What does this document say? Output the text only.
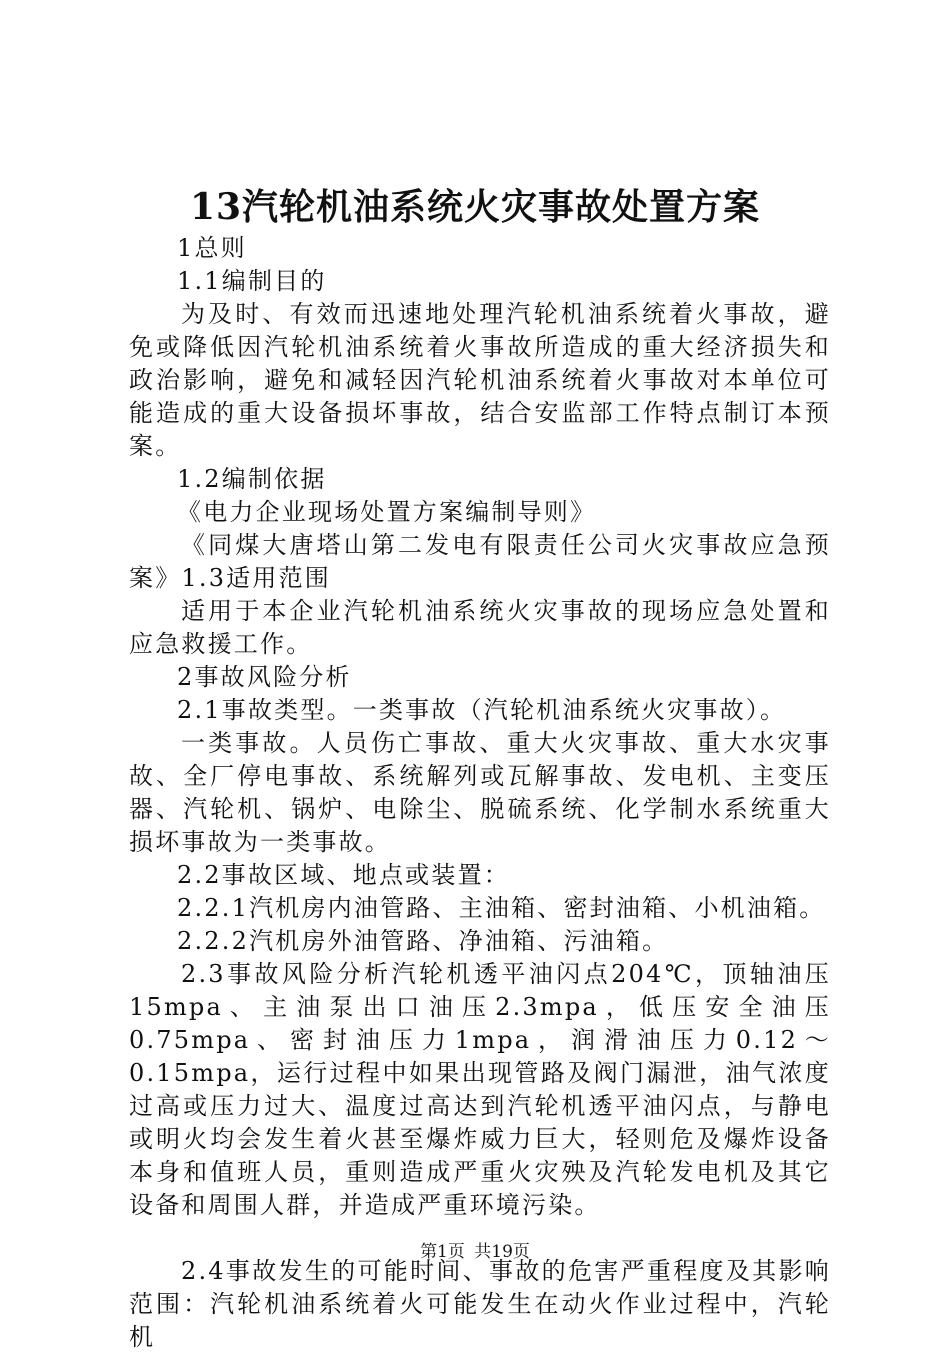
13汽轮机油系统火灾事故处置方案

1总则

1.1编制目的

为及时、有效而迅速地处理汽轮机油系统着火事故，避免或降低因汽轮机油系统着火事故所造成的重大经济损失和政治影响，避免和减轻因汽轮机油系统着火事故对本单位可能造成的重大设备损坏事故，结合安监部工作特点制订本预案。

1.2编制依据

《电力企业现场处置方案编制导则》

《同煤大唐塔山第二发电有限责任公司火灾事故应急预案》1.3适用范围

适用于本企业汽轮机油系统火灾事故的现场应急处置和应急救援工作。

2事故风险分析

2.1事故类型。一类事故（汽轮机油系统火灾事故）。

一类事故。人员伤亡事故、重大火灾事故、重大水灾事故、全厂停电事故、系统解列或瓦解事故、发电机、主变压器、汽轮机、锅炉、电除尘、脱硫系统、化学制水系统重大损坏事故为一类事故。

2.2事故区域、地点或装置：

2.2.1汽机房内油管路、主油箱、密封油箱、小机油箱。

2.2.2汽机房外油管路、净油箱、污油箱。

2.3事故风险分析汽轮机透平油闪点204℃，顶轴油压15mpa、主油泵出口油压2.3mpa，低压安全油压0.75mpa、密封油压力1mpa，润滑油压力0.12～0.15mpa，运行过程中如果出现管路及阀门漏泄，油气浓度过高或压力过大、温度过高达到汽轮机透平油闪点，与静电或明火均会发生着火甚至爆炸威力巨大，轻则危及爆炸设备本身和值班人员，重则造成严重火灾殃及汽轮发电机及其它设备和周围人群，并造成严重环境污染。

2.4事故发生的可能时间、事故的危害严重程度及其影响范围：汽轮机油系统着火可能发生在动火作业过程中，汽轮机

第1页 共19页
